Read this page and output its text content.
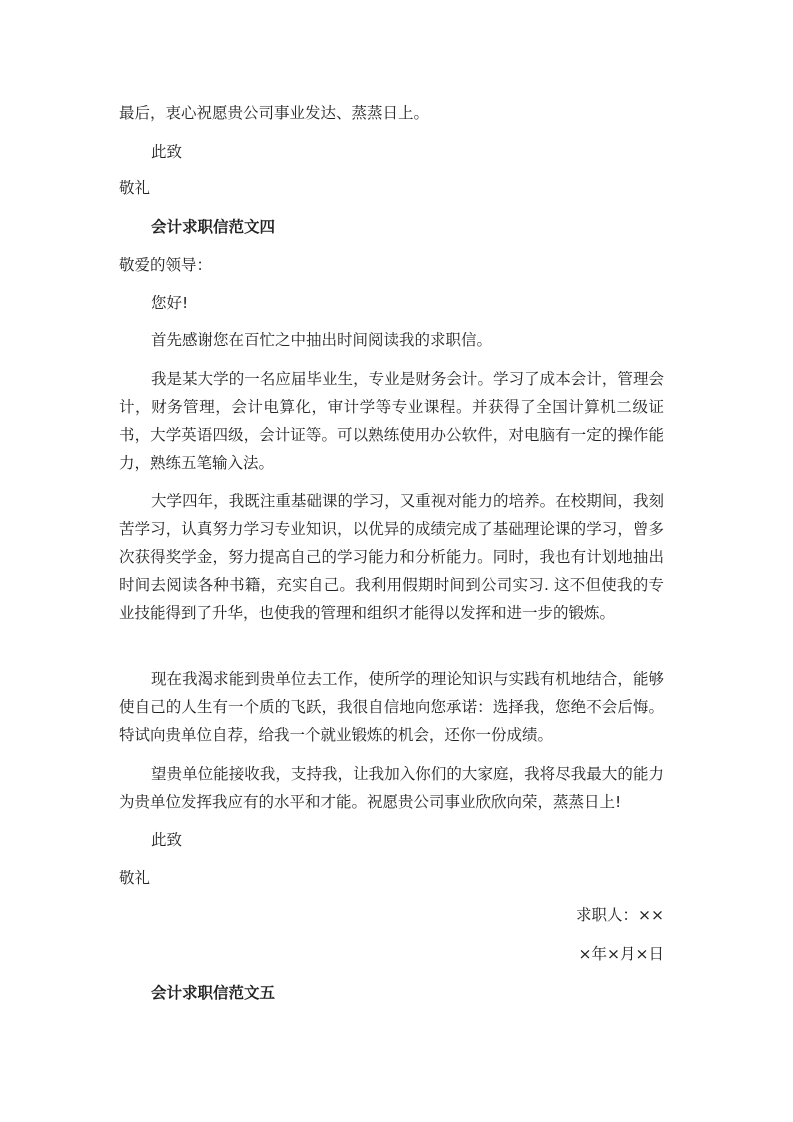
最后，衷心祝愿贵公司事业发达、蒸蒸日上。
此致
敬礼
会计求职信范文四
敬爱的领导：
您好!
首先感谢您在百忙之中抽出时间阅读我的求职信。
我是某大学的一名应届毕业生，专业是财务会计。学习了成本会计，管理会计，财务管理，会计电算化，审计学等专业课程。并获得了全国计算机二级证书，大学英语四级，会计证等。可以熟练使用办公软件，对电脑有一定的操作能力，熟练五笔输入法。
大学四年，我既注重基础课的学习，又重视对能力的培养。在校期间，我刻苦学习，认真努力学习专业知识，以优异的成绩完成了基础理论课的学习，曾多次获得奖学金，努力提高自己的学习能力和分析能力。同时，我也有计划地抽出时间去阅读各种书籍，充实自己。我利用假期时间到公司实习. 这不但使我的专业技能得到了升华，也使我的管理和组织才能得以发挥和进一步的锻炼。
现在我渴求能到贵单位去工作，使所学的理论知识与实践有机地结合，能够使自己的人生有一个质的飞跃，我很自信地向您承诺：选择我，您绝不会后悔。特试向贵单位自荐，给我一个就业锻炼的机会，还你一份成绩。
望贵单位能接收我，支持我，让我加入你们的大家庭，我将尽我最大的能力为贵单位发挥我应有的水平和才能。祝愿贵公司事业欣欣向荣，蒸蒸日上!
此致
敬礼
求职人：××
×年×月×日
会计求职信范文五
